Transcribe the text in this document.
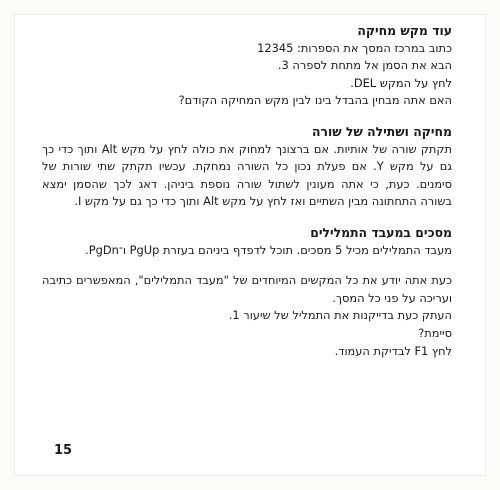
עוד מקש מחיקה
כתוב במרכז המסך את הספרות: 12345
הבא את הסמן אל מתחת לספרה 3.
לחץ על המקש DEL.
האם אתה מבחין בהבדל בינו לבין מקש המחיקה הקודם?
מחיקה ושתילה של שורה
תקתק שורה של אותיות. אם ברצונך למחוק את כולה לחץ על מקש Alt ותוך כדי כך גם על מקש Y. אם פעלת נכון כל השורה נמחקת. עכשיו תקתק שתי שורות של סימנים. כעת, כי אתה מעונין לשתול שורה נוספת ביניהן. דאג לכך שהסמן ימצא בשורה התחתונה מבין השתיים ואז לחץ על מקש Alt ותוך כדי כך גם על מקש I.
מסכים במעבד התמלילים
מעבד התמלילים מכיל 5 מסכים. תוכל לדפדף ביניהם בעזרת PgUp ו־PgDn.
כעת אתה יודע את כל המקשים המיוחדים של "מעבד התמלילים", המאפשרים כתיבה ועריכה על פני כל המסך.
העתק כעת בדייקנות את התמליל של שיעור 1.
סיימת?
לחץ F1 לבדיקת העמוד.
15
